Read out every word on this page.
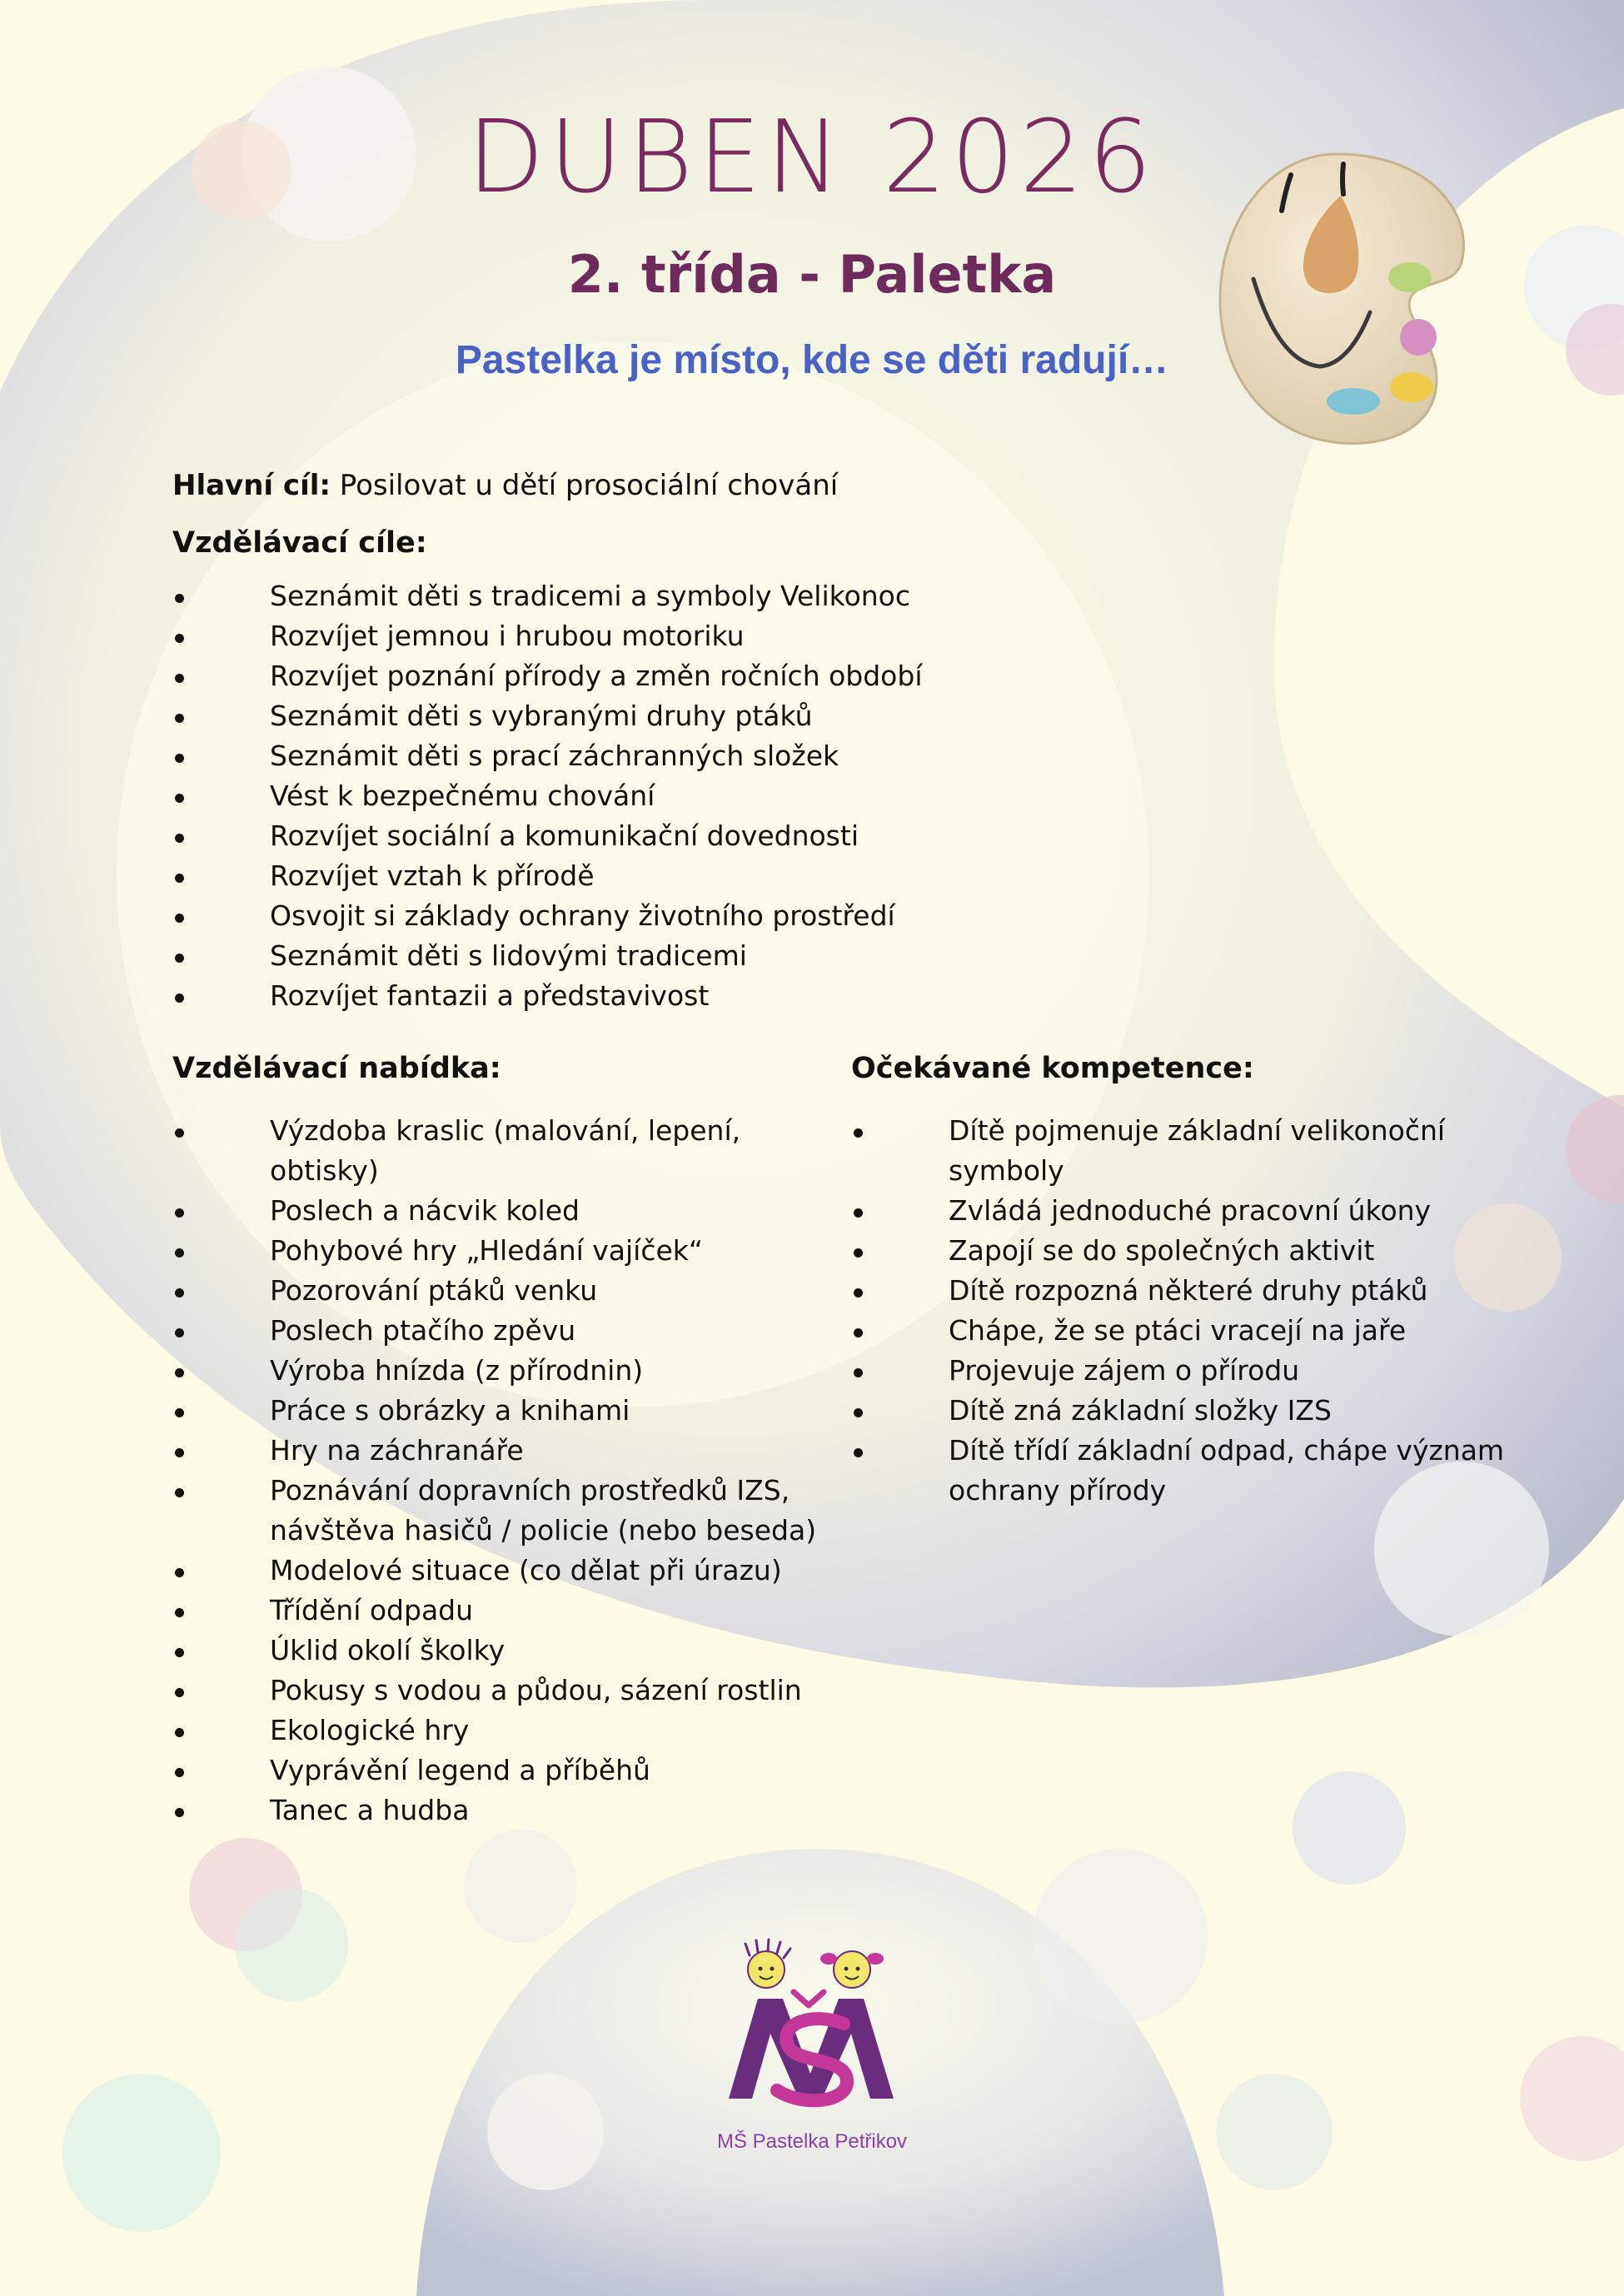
DUBEN 2026
2. třída - Paletka

Pastelka je místo, kde se děti radují…

Hlavní cíl: Posilovat u dětí prosociální chování
Vzdělávací cíle:
Seznámit děti s tradicemi a symboly Velikonoc
Rozvíjet jemnou i hrubou motoriku
Rozvíjet poznání přírody a změn ročních období
Seznámit děti s vybranými druhy ptáků
Seznámit děti s prací záchranných složek
Vést k bezpečnému chování
Rozvíjet sociální a komunikační dovednosti
Rozvíjet vztah k přírodě
Osvojit si základy ochrany životního prostředí
Seznámit děti s lidovými tradicemi
Rozvíjet fantazii a představivost
Vzdělávací nabídka:
Výzdoba kraslic (malování, lepení, obtisky)
Poslech a nácvik koled
Pohybové hry „Hledání vajíček“
Pozorování ptáků venku
Poslech ptačího zpěvu
Výroba hnízda (z přírodnin)
Práce s obrázky a knihami
Hry na záchranáře
Poznávání dopravních prostředků IZS, návštěva hasičů / policie (nebo beseda)
Modelové situace (co dělat při úrazu)
Třídění odpadu
Úklid okolí školky
Pokusy s vodou a půdou, sázení rostlin
Ekologické hry
Vyprávění legend a příběhů
Tanec a hudba
Očekávané kompetence:
Dítě pojmenuje základní velikonoční symboly
Zvládá jednoduché pracovní úkony
Zapojí se do společných aktivit
Dítě rozpozná některé druhy ptáků
Chápe, že se ptáci vracejí na jaře
Projevuje zájem o přírodu
Dítě zná základní složky IZS
Dítě třídí základní odpad, chápe význam ochrany přírody
MŠ Pastelka Petřikov
